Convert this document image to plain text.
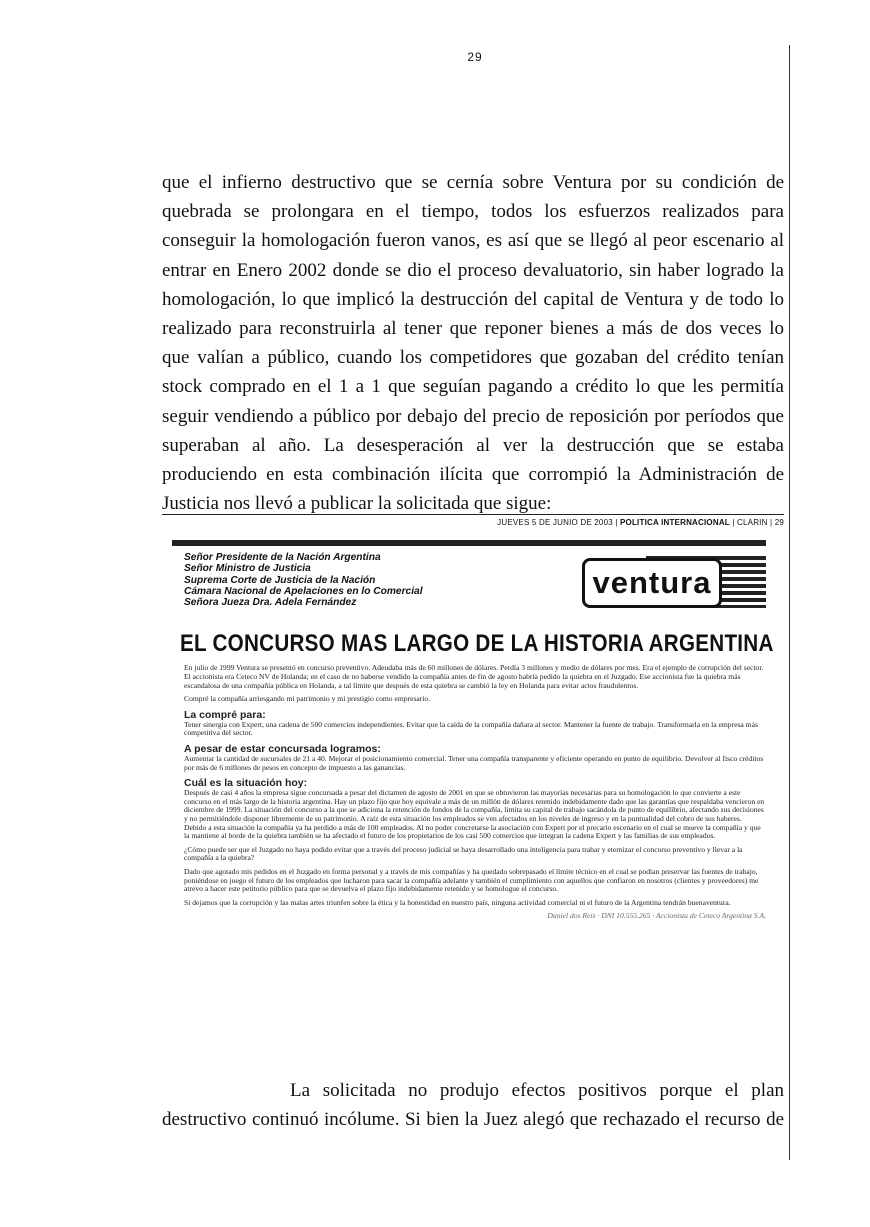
29
que el infierno destructivo que se cernía sobre Ventura por su condición de
quebrada se prolongara en el tiempo, todos los esfuerzos realizados para
conseguir la homologación fueron vanos, es así que se llegó al peor escenario al
entrar en Enero 2002 donde se dio el proceso devaluatorio, sin haber logrado la
homologación, lo que implicó la destrucción del capital de Ventura y de todo lo
realizado para reconstruirla al tener que reponer bienes a más de dos veces lo
que valían a público, cuando los competidores que gozaban del crédito tenían
stock comprado en el 1 a 1 que seguían pagando a crédito lo que les permitía
seguir vendiendo a público por debajo del precio de reposición por períodos que
superaban al año. La desesperación al ver la destrucción que se estaba
produciendo en esta combinación ilícita que corrompió la Administración de
Justicia nos llevó a publicar la solicitada que sigue:
JUEVES 5 DE JUNIO DE 2003 | POLITICA INTERNACIONAL | CLARIN | 29
Señor Presidente de la Nación Argentina
Señor Ministro de Justicia
Suprema Corte de Justicia de la Nación
Cámara Nacional de Apelaciones en lo Comercial
Señora Jueza Dra. Adela Fernández
ventura
EL CONCURSO MAS LARGO DE LA HISTORIA ARGENTINA

En julio de 1999 Ventura se presentó en concurso preventivo. Adeudaba más de 60 millones de dólares. Perdía 3 millones y medio de dólares por mes. Era el ejemplo de corrupción del sector. El accionista era Ceteco NV de Holanda; en el caso de no haberse vendido la compañía antes de fin de agosto habría pedido la quiebra en el Juzgado. Ese accionista fue la quiebra más escandalosa de una compañía pública en Holanda, a tal límite que después de esta quiebra se cambió la ley en Holanda para evitar actos fraudulentos.

Compré la compañía arriesgando mi patrimonio y mi prestigio como empresario.

La compré para:

Tener sinergia con Expert, una cadena de 500 comercios independientes. Evitar que la caída de la compañía dañara al sector. Mantener la fuente de trabajo. Transformarla en la empresa más competitiva del sector.

A pesar de estar concursada logramos:

Aumentar la cantidad de sucursales de 21 a 40. Mejorar el posicionamiento comercial. Tener una compañía transparente y eficiente operando en punto de equilibrio. Devolver al fisco créditos por más de 6 millones de pesos en concepto de impuesto a las ganancias.

Cuál es la situación hoy:

Después de casi 4 años la empresa sigue concursada a pesar del dictamen de agosto de 2001 en que se obtuvieron las mayorías necesarias para su homologación lo que convierte a este concurso en el más largo de la historia argentina. Hay un plazo fijo que hoy equivale a más de un millón de dólares retenido indebidamente dado que las garantías que respaldaba vencieron en diciembre de 1999. La situación del concurso a la que se adiciona la retención de fondos de la compañía, limita su capital de trabajo sacándola de punto de equilibrio, afectando sus decisiones y no permitiéndole disponer libremente de su patrimonio. A raíz de esta situación los empleados se ven afectados en los niveles de ingreso y en la puntualidad del cobro de sus haberes. Debido a esta situación la compañía ya ha perdido a más de 100 empleados. Al no poder concretarse la asociación con Expert por el precario escenario en el cual se mueve la compañía y que la mantiene al borde de la quiebra también se ha afectado el futuro de los propietarios de los casi 500 comercios que integran la cadena Expert y las familias de sus empleados.

¿Cómo puede ser que el Juzgado no haya podido evitar que a través del proceso judicial se haya desarrollado una inteligencia para trabar y eternizar el concurso preventivo y llevar a la compañía a la quiebra?

Dado que agotado mis pedidos en el Juzgado en forma personal y a través de mis compañías y ha quedado sobrepasado el límite técnico en el cual se podían preservar las fuentes de trabajo, poniéndose en juego el futuro de los empleados que lucharon para sacar la compañía adelante y también el cumplimiento con aquellos que confiaron en nosotros (clientes y proveedores) me atrevo a hacer este petitorio público para que se devuelva el plazo fijo indebidamente retenido y se homologue el concurso.

Si dejamos que la corrupción y las malas artes triunfen sobre la ética y la honestidad en nuestro país, ninguna actividad comercial ni el futuro de la Argentina tendrán buenaventura.

Daniel dos Reis · DNI 10.555.265 · Accionista de Ceteco Argentina S.A.
La solicitada no produjo efectos positivos porque el plan
destructivo continuó incólume. Si bien la Juez alegó que rechazado el recurso de
